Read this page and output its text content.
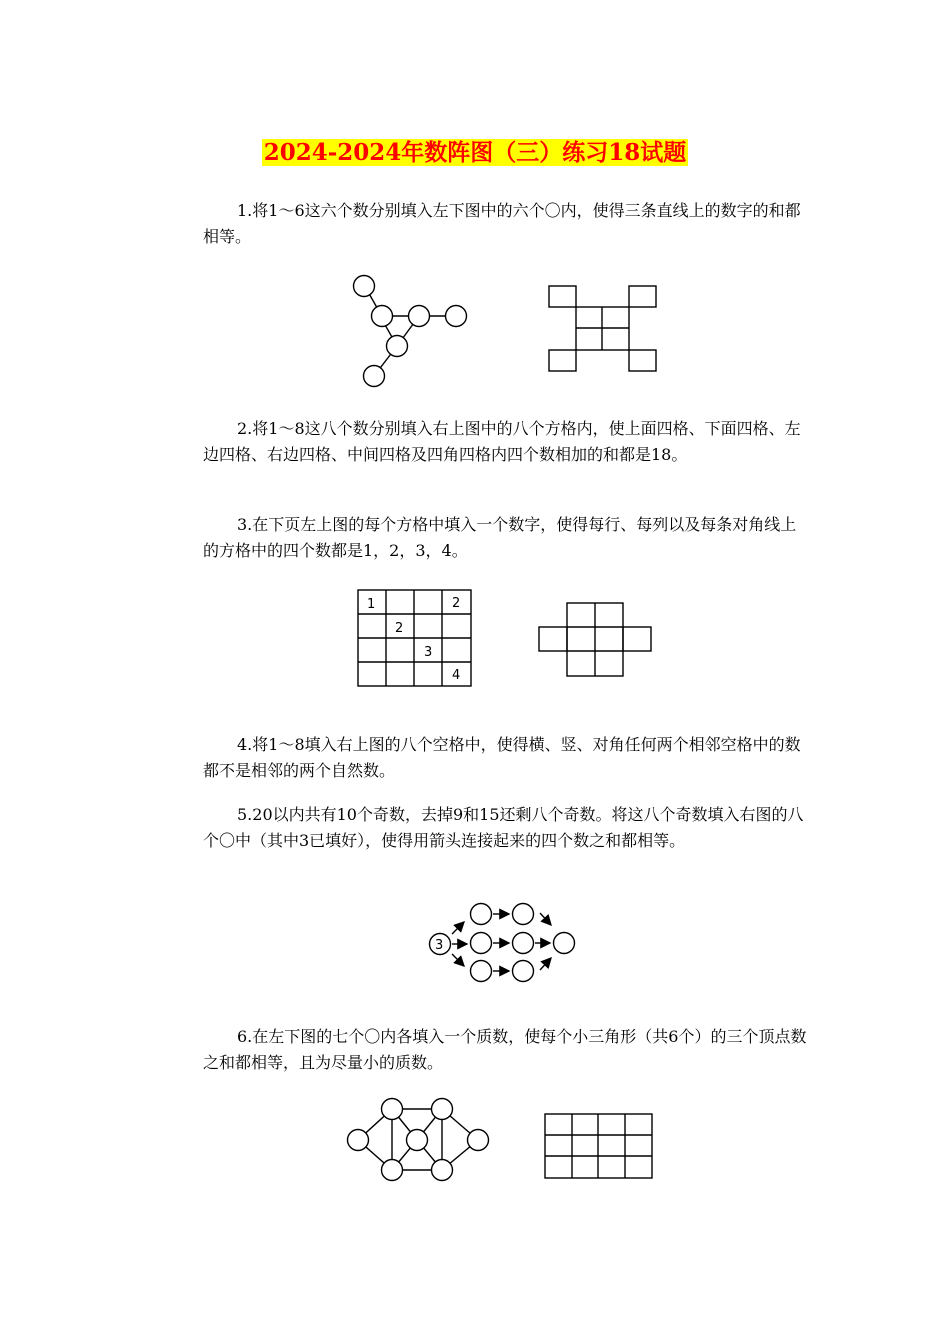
2024-2024年数阵图（三）练习18试题

1.将1～6这六个数分别填入左下图中的六个〇内，使得三条直线上的数字的和都相等。

2.将1～8这八个数分别填入右上图中的八个方格内，使上面四格、下面四格、左边四格、右边四格、中间四格及四角四格内四个数相加的和都是18。

3.在下页左上图的每个方格中填入一个数字，使得每行、每列以及每条对角线上的方格中的四个数都是1，2，3，4。

4.将1～8填入右上图的八个空格中，使得横、竖、对角任何两个相邻空格中的数都不是相邻的两个自然数。

5.20以内共有10个奇数，去掉9和15还剩八个奇数。将这八个奇数填入右图的八个〇中（其中3已填好），使得用箭头连接起来的四个数之和都相等。

6.在左下图的七个〇内各填入一个质数，使每个小三角形（共6个）的三个顶点数之和都相等，且为尽量小的质数。

1	2
2
3
4
3
